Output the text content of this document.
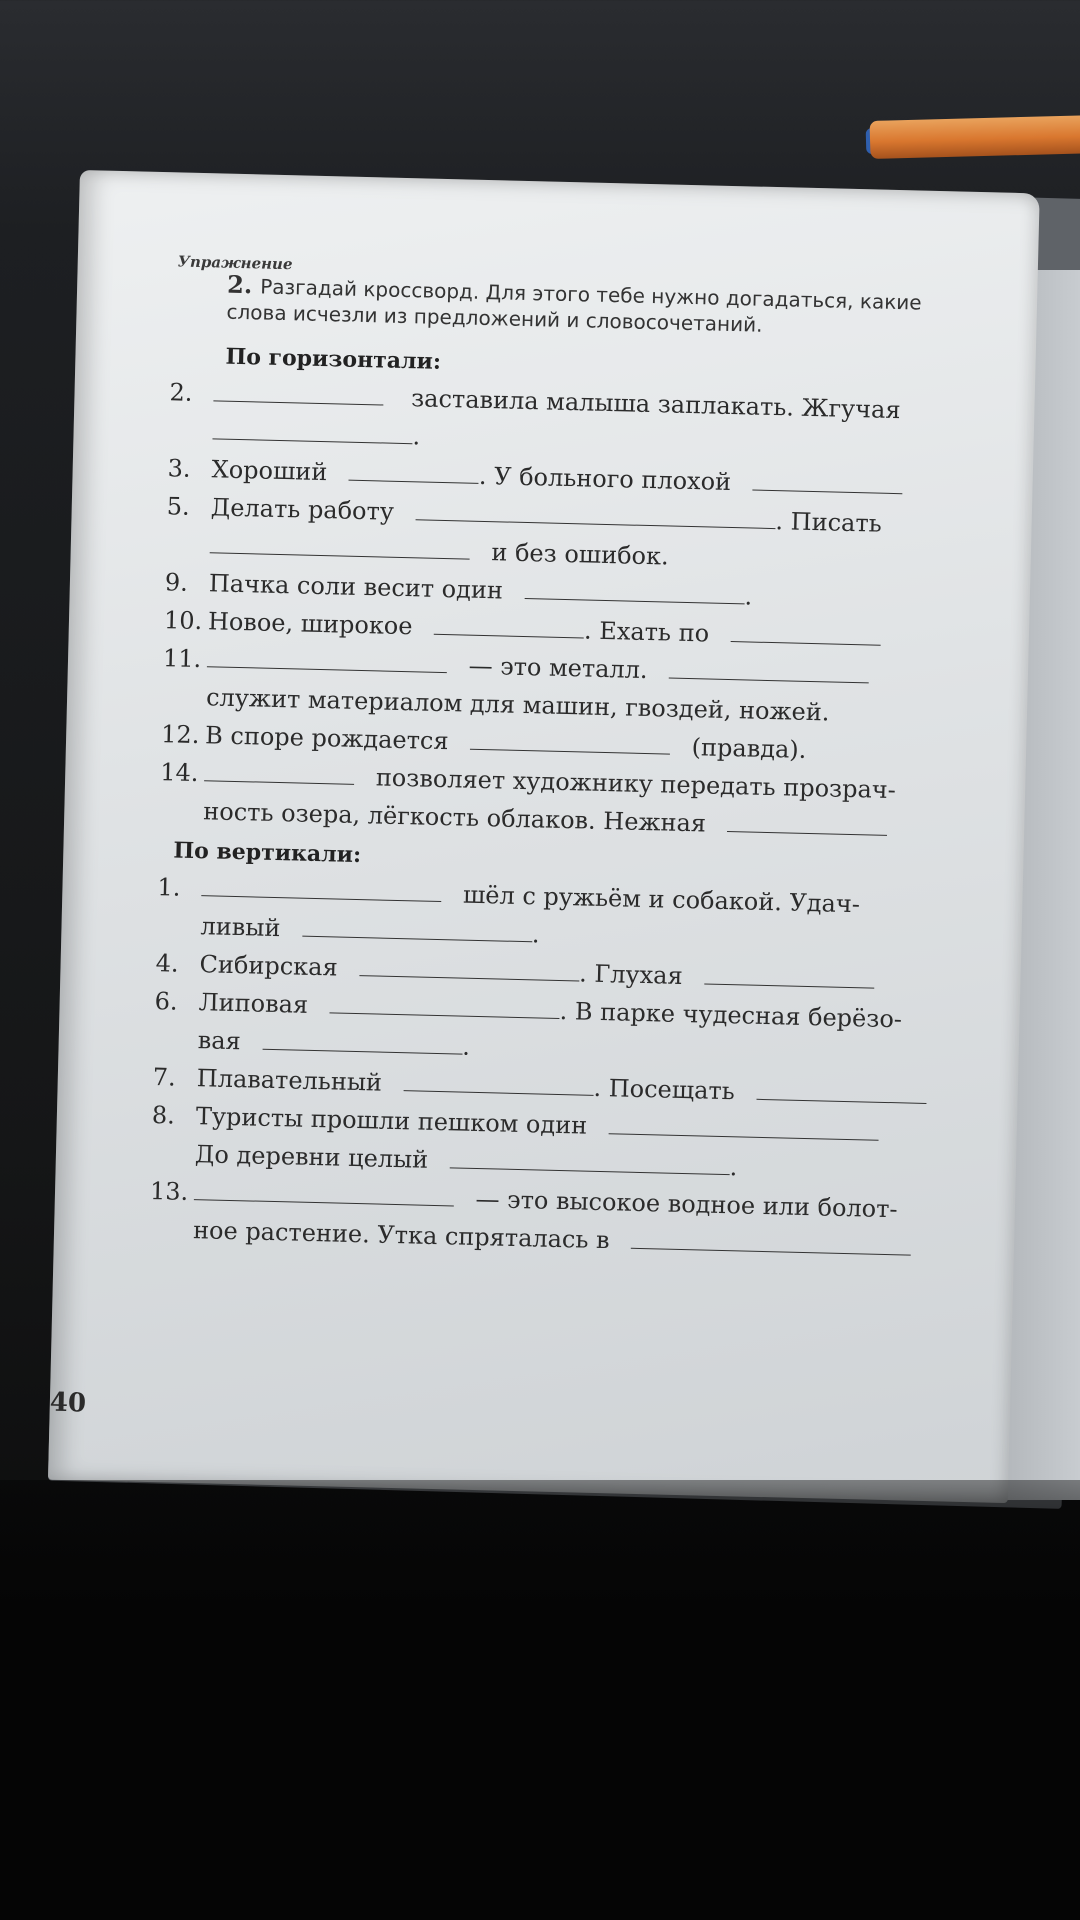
Упражнение
2. Разгадай кроссворд. Для этого тебе нужно догадаться, какие слова исчезли из предложений и словосочетаний.
По горизонтали:
2.	заставила малыша заплакать. Жгучая
.
3. Хороший	. У больного плохой
5. Делать работу	. Писать
и без ошибок.
9. Пачка соли весит один	.
10. Новое, широкое	. Ехать по
11.	— это металл.
служит материалом для машин, гвоздей, ножей.
12. В споре рождается	(правда).
14.	позволяет художнику передать прозрач-
ность озера, лёгкость облаков. Нежная
По вертикали:
1.	шёл с ружьём и собакой. Удач-
ливый	.
4. Сибирская	. Глухая
6. Липовая	. В парке чудесная берёзо-
вая	.
7. Плавательный	. Посещать
8. Туристы прошли пешком один
До деревни целый	.
13.	— это высокое водное или болот-
ное растение. Утка спряталась в
40
